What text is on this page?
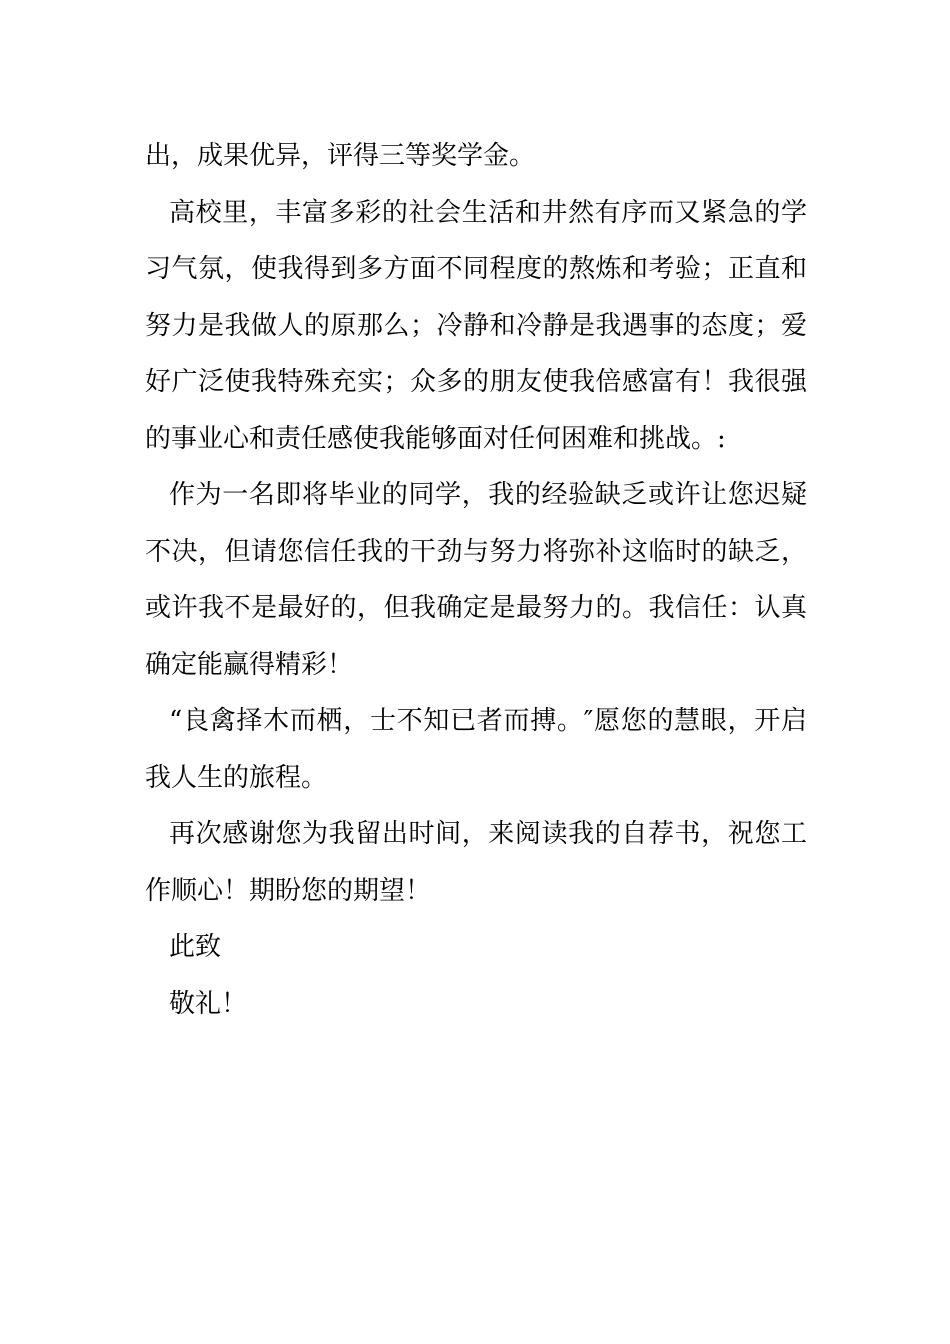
出，成果优异，评得三等奖学金。

高校里，丰富多彩的社会生活和井然有序而又紧急的学习气氛，使我得到多方面不同程度的熬炼和考验；正直和努力是我做人的原那么；冷静和冷静是我遇事的态度；爱好广泛使我特殊充实；众多的朋友使我倍感富有！我很强的事业心和责任感使我能够面对任何困难和挑战。:

作为一名即将毕业的同学，我的经验缺乏或许让您迟疑不决，但请您信任我的干劲与努力将弥补这临时的缺乏，或许我不是最好的，但我确定是最努力的。我信任：认真确定能赢得精彩！

“良禽择木而栖，士不知已者而搏。″愿您的慧眼，开启我人生的旅程。

再次感谢您为我留出时间，来阅读我的自荐书，祝您工作顺心！期盼您的期望！

此致

敬礼！
